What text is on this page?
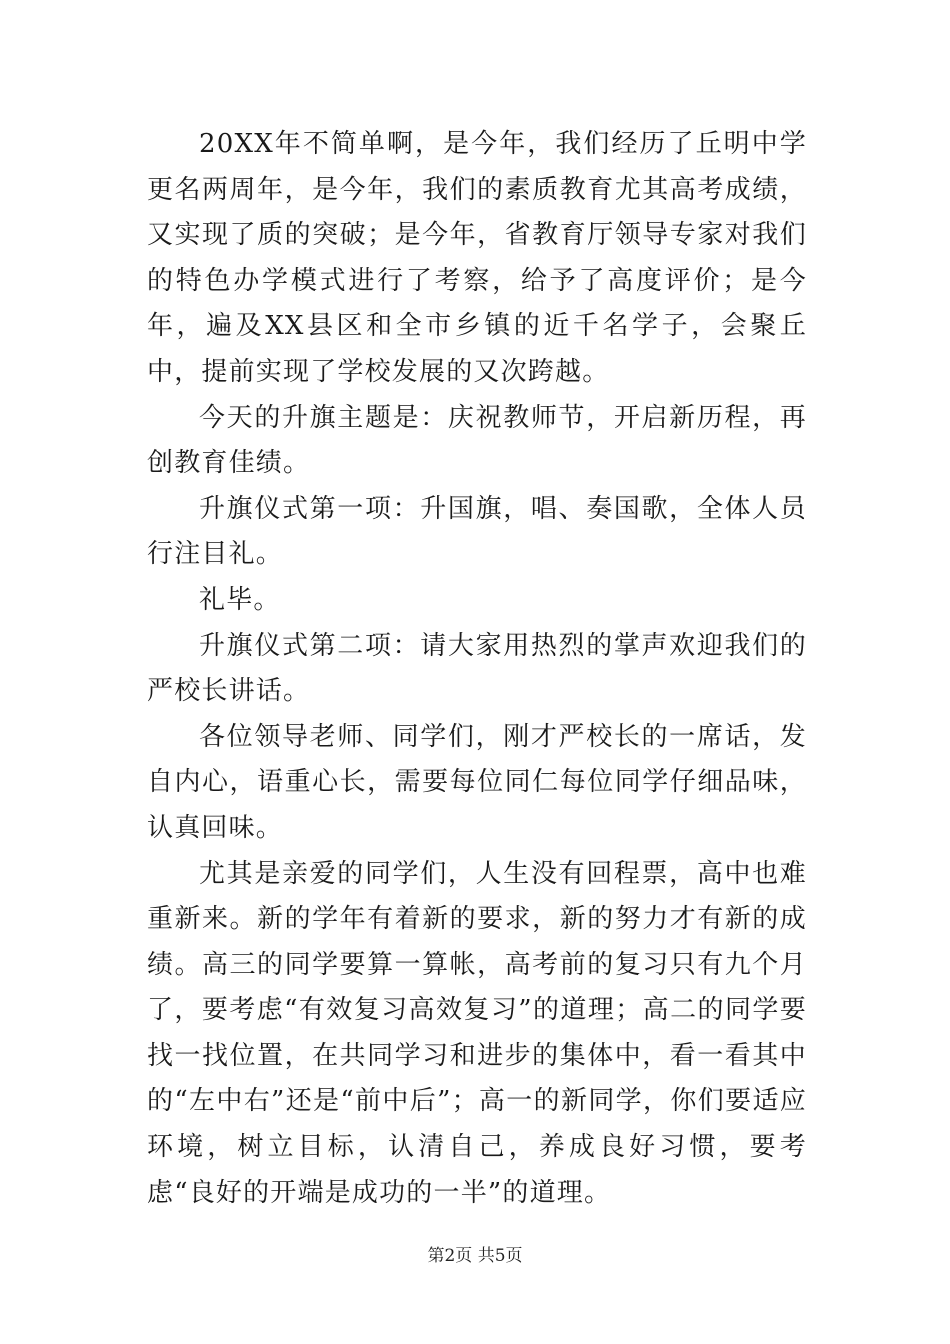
20XX年不简单啊，是今年，我们经历了丘明中学更名两周年，是今年，我们的素质教育尤其高考成绩，又实现了质的突破；是今年，省教育厅领导专家对我们的特色办学模式进行了考察，给予了高度评价；是今年，遍及XX县区和全市乡镇的近千名学子，会聚丘中，提前实现了学校发展的又次跨越。

今天的升旗主题是：庆祝教师节，开启新历程，再创教育佳绩。

升旗仪式第一项：升国旗，唱、奏国歌，全体人员行注目礼。

礼毕。

升旗仪式第二项：请大家用热烈的掌声欢迎我们的严校长讲话。

各位领导老师、同学们，刚才严校长的一席话，发自内心，语重心长，需要每位同仁每位同学仔细品味，认真回味。

尤其是亲爱的同学们，人生没有回程票，高中也难重新来。新的学年有着新的要求，新的努力才有新的成绩。高三的同学要算一算帐，高考前的复习只有九个月了，要考虑“有效复习高效复习”的道理；高二的同学要找一找位置，在共同学习和进步的集体中，看一看其中的“左中右”还是“前中后”；高一的新同学，你们要适应环境，树立目标，认清自己，养成良好习惯，要考虑“良好的开端是成功的一半”的道理。

第2页 共5页
